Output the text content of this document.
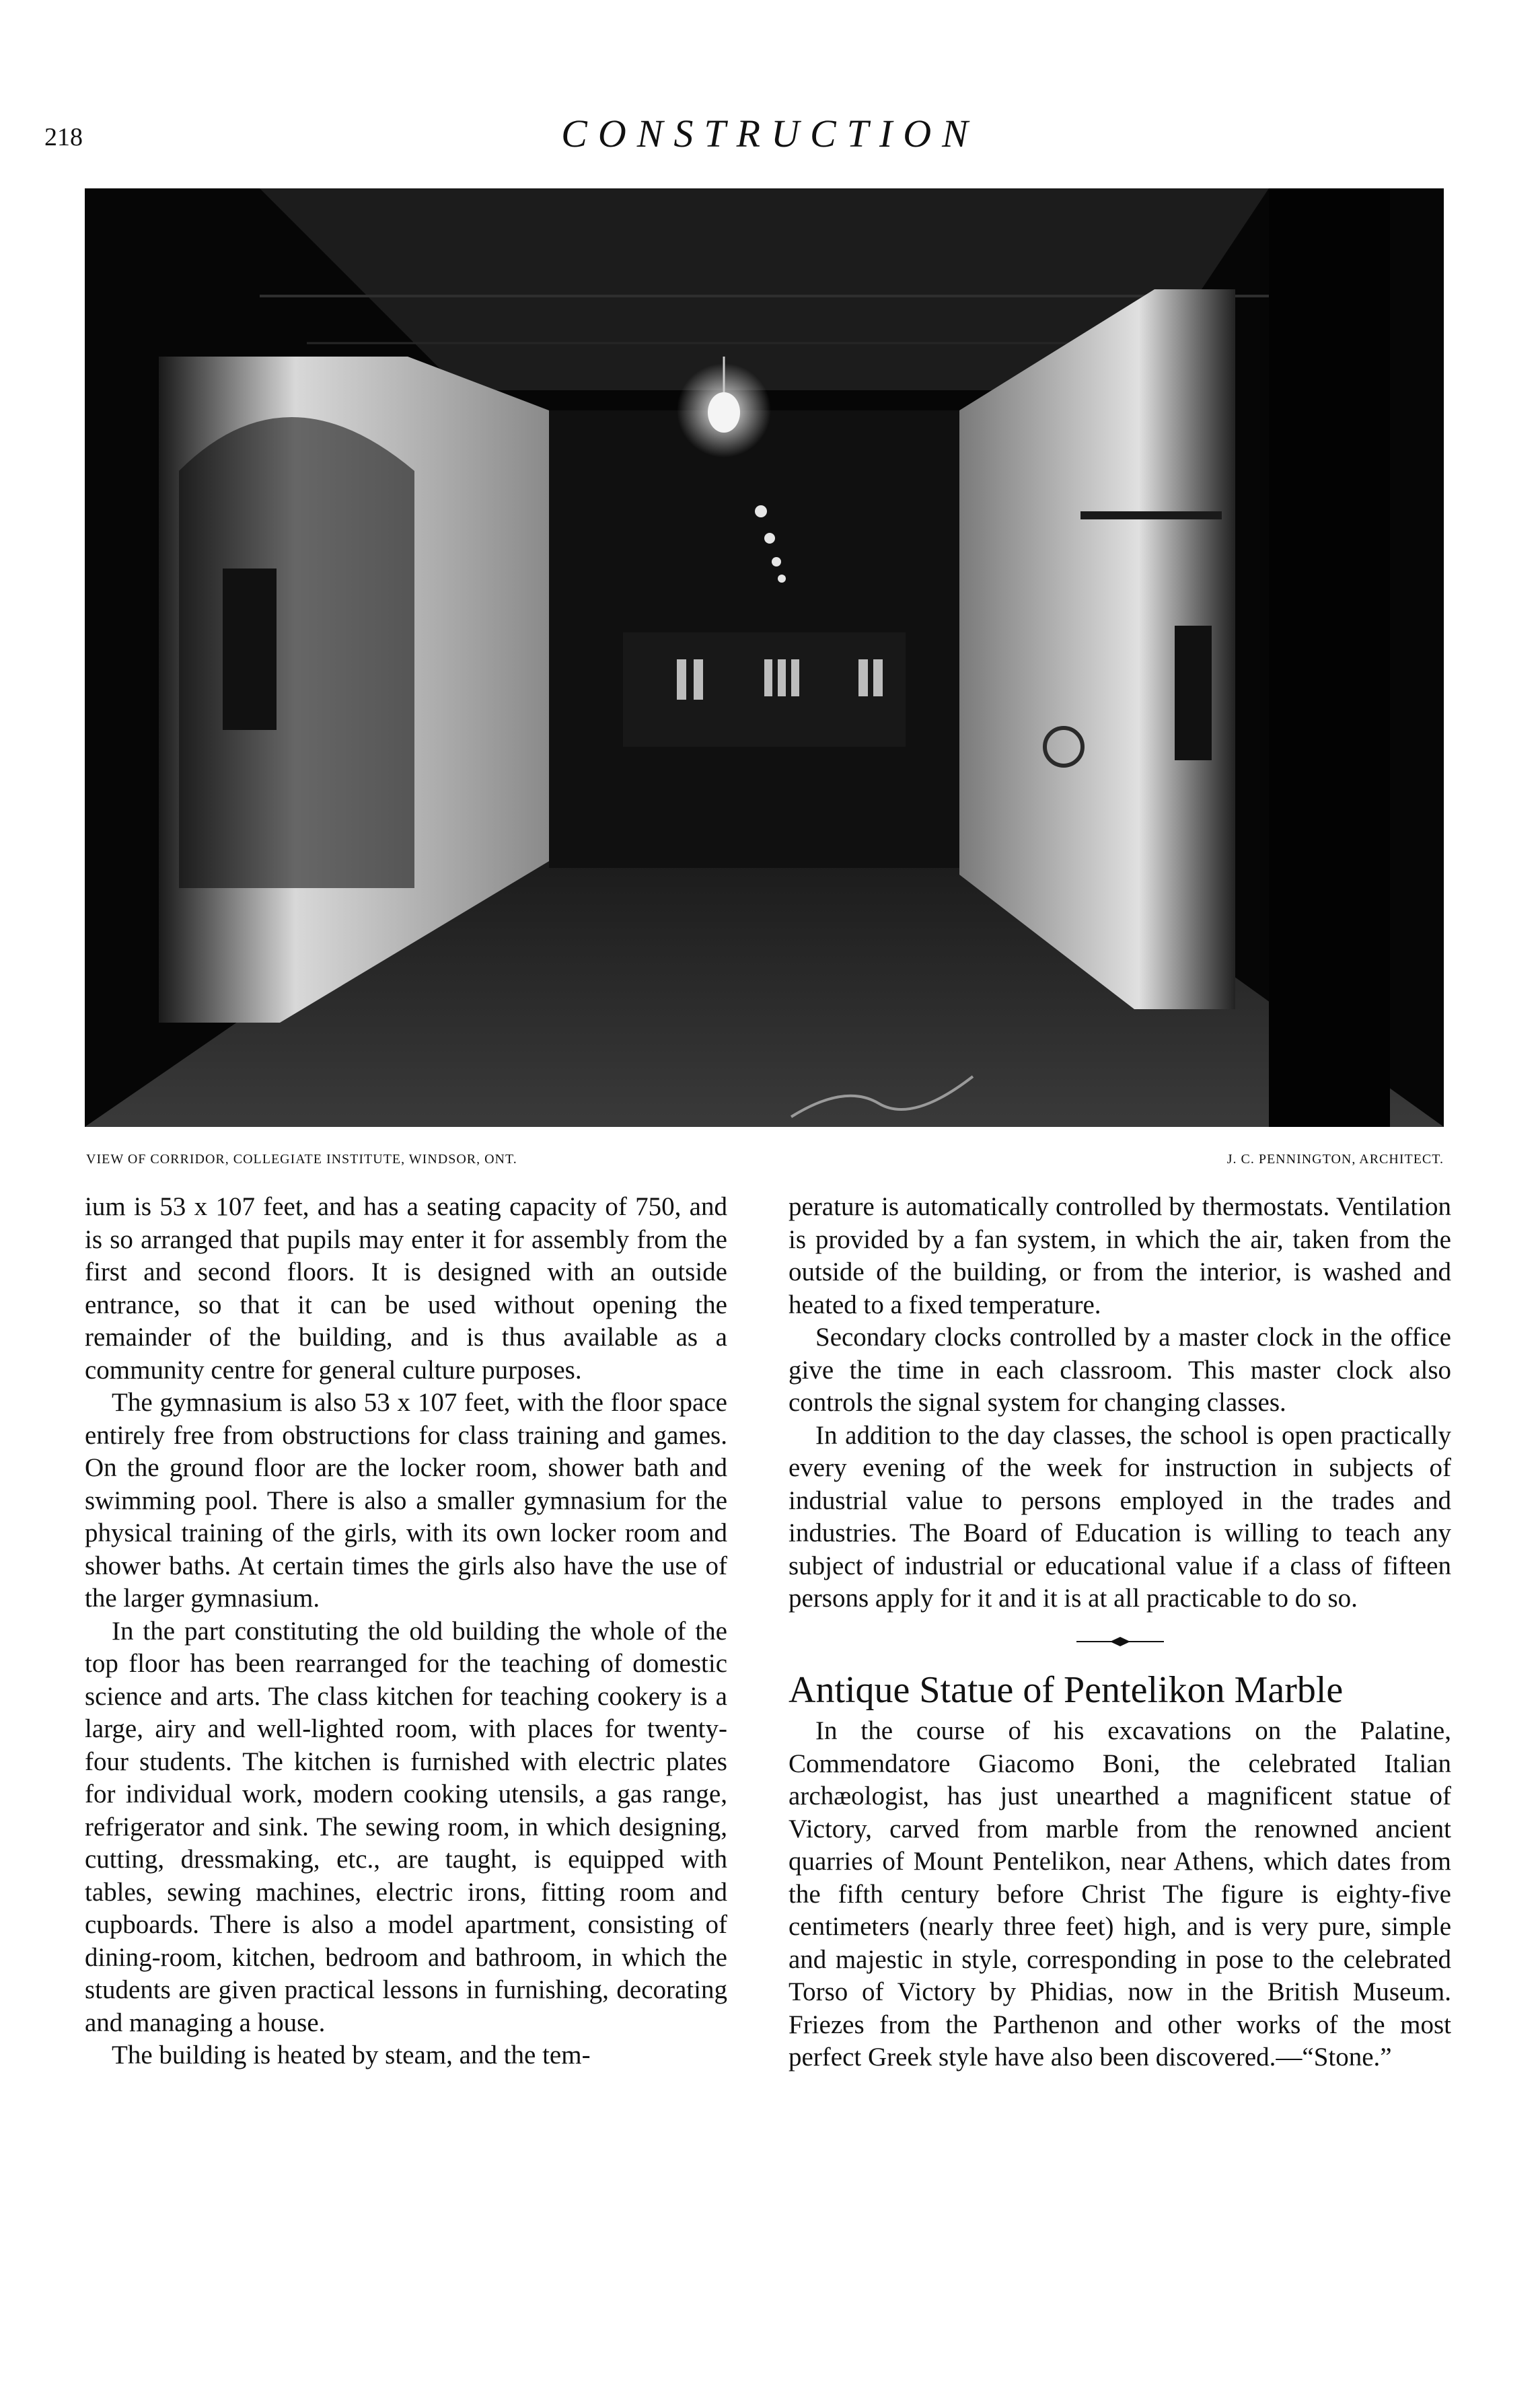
218	CONSTRUCTION
VIEW OF CORRIDOR, COLLEGIATE INSTITUTE, WINDSOR, ONT.	J. C. PENNINGTON, ARCHITECT.

ium is 53 x 107 feet, and has a seating capacity of 750, and is so arranged that pupils may enter it for assembly from the first and second floors. It is designed with an outside entrance, so that it can be used without opening the remainder of the building, and is thus available as a community centre for general culture purposes.

The gymnasium is also 53 x 107 feet, with the floor space entirely free from obstructions for class training and games. On the ground floor are the locker room, shower bath and swimming pool. There is also a smaller gymnasium for the physical training of the girls, with its own locker room and shower baths. At certain times the girls also have the use of the larger gymnasium.

In the part constituting the old building the whole of the top floor has been rearranged for the teaching of domestic science and arts. The class kitchen for teaching cookery is a large, airy and well-lighted room, with places for twenty-four students. The kitchen is furnished with electric plates for individual work, modern cooking utensils, a gas range, refrigerator and sink. The sewing room, in which designing, cutting, dressmaking, etc., are taught, is equipped with tables, sewing machines, electric irons, fitting room and cupboards. There is also a model apartment, consisting of dining-room, kitchen, bedroom and bathroom, in which the students are given practical lessons in furnishing, decorating and managing a house.

The building is heated by steam, and the tem-

perature is automatically controlled by thermostats. Ventilation is provided by a fan system, in which the air, taken from the outside of the building, or from the interior, is washed and heated to a fixed temperature.

Secondary clocks controlled by a master clock in the office give the time in each classroom. This master clock also controls the signal system for changing classes.

In addition to the day classes, the school is open practically every evening of the week for instruction in subjects of industrial value to persons employed in the trades and industries. The Board of Education is willing to teach any subject of industrial or educational value if a class of fifteen persons apply for it and it is at all practicable to do so.

Antique Statue of Pentelikon Marble

In the course of his excavations on the Palatine, Commendatore Giacomo Boni, the celebrated Italian archæologist, has just unearthed a magnificent statue of Victory, carved from marble from the renowned ancient quarries of Mount Pentelikon, near Athens, which dates from the fifth century before Christ The figure is eighty-five centimeters (nearly three feet) high, and is very pure, simple and majestic in style, corresponding in pose to the celebrated Torso of Victory by Phidias, now in the British Museum. Friezes from the Parthenon and other works of the most perfect Greek style have also been discovered.—“Stone.”
